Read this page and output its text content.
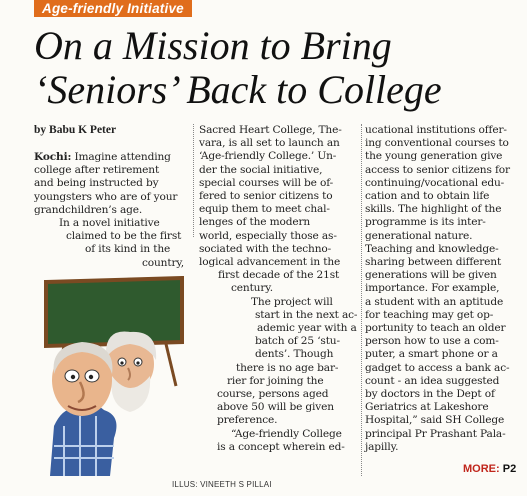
Age-friendly Initiative
On a Mission to Bring
‘Seniors’ Back to College
by Babu K Peter
Kochi: Imagine attending
college after retirement
and being instructed by
youngsters who are of your
grandchildren’s age.
In a novel initiative
claimed to be the first
of its kind in the
country,
Sacred Heart College, The-
vara, is all set to launch an
‘Age-friendly College.’ Un-
der the social initiative,
special courses will be of-
fered to senior citizens to
equip them to meet chal-
lenges of the modern
world, especially those as-
sociated with the techno-
logical advancement in the
first decade of the 21st
century.
The project will
start in the next ac-
ademic year with a
batch of 25 ‘stu-
dents’. Though
there is no age bar-
rier for joining the
course, persons aged
above 50 will be given
preference.
“Age-friendly College
is a concept wherein ed-
ucational institutions offer-
ing conventional courses to
the young generation give
access to senior citizens for
continuing/vocational edu-
cation and to obtain life
skills. The highlight of the
programme is its inter-
generational nature.
Teaching and knowledge-
sharing between different
generations will be given
importance. For example,
a student with an aptitude
for teaching may get op-
portunity to teach an older
person how to use a com-
puter, a smart phone or a
gadget to access a bank ac-
count - an idea suggested
by doctors in the Dept of
Geriatrics at Lakeshore
Hospital,” said SH College
principal Pr Prashant Pala-
japilly.
ILLUS: VINEETH S PILLAI
MORE: P2
